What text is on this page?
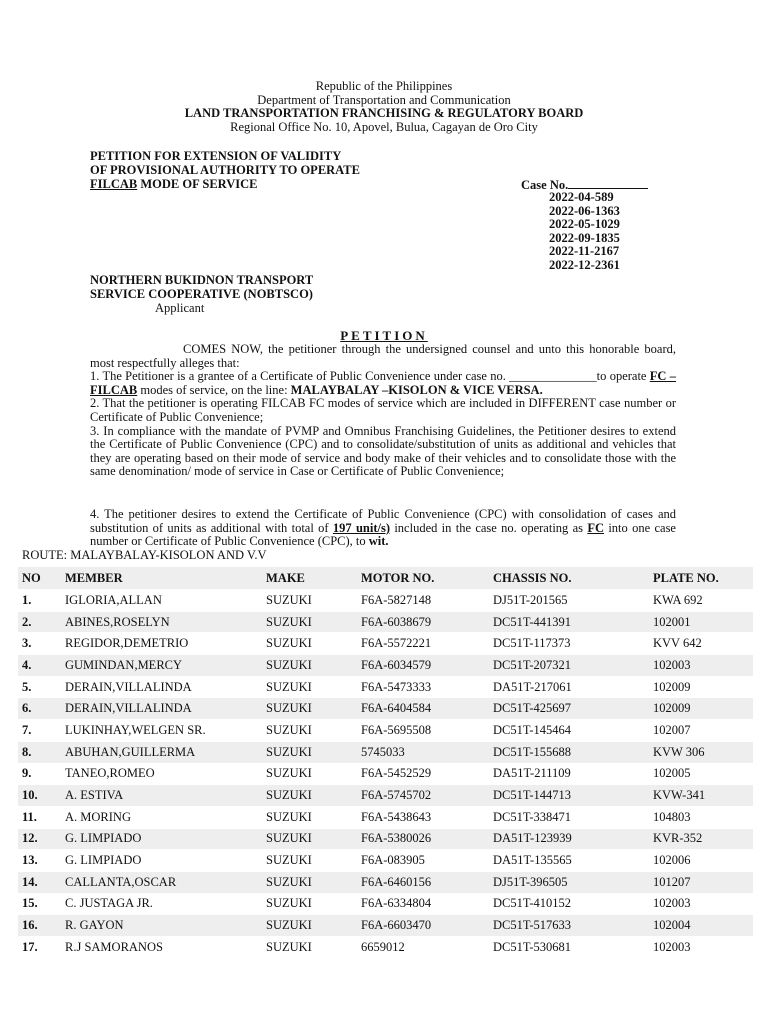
Republic of the Philippines
Department of Transportation and Communication
LAND TRANSPORTATION FRANCHISING & REGULATORY BOARD
Regional Office No. 10, Apovel, Bulua, Cagayan de Oro City
PETITION FOR EXTENSION OF VALIDITY
OF PROVISIONAL AUTHORITY TO OPERATE
FILCAB MODE OF SERVICE	Case No.
2022-04-589
2022-06-1363
2022-05-1029
2022-09-1835
2022-11-2167
2022-12-2361
NORTHERN BUKIDNON TRANSPORT
SERVICE COOPERATIVE (NOBTSCO)
Applicant
PETITION

COMES NOW, the petitioner through the undersigned counsel and unto this honorable board, most respectfully alleges that:

1. The Petitioner is a grantee of a Certificate of Public Convenience under case no. ______________to operate FC – FILCAB modes of service, on the line: MALAYBALAY –KISOLON & VICE VERSA.

2. That the petitioner is operating FILCAB FC modes of service which are included in DIFFERENT case number or Certificate of Public Convenience;

3. In compliance with the mandate of PVMP and Omnibus Franchising Guidelines, the Petitioner desires to extend the Certificate of Public Convenience (CPC) and to consolidate/substitution of units as additional and vehicles that they are operating based on their mode of service and body make of their vehicles and to consolidate those with the same denomination/ mode of service in Case or Certificate of Public Convenience;

4. The petitioner desires to extend the Certificate of Public Convenience (CPC) with consolidation of cases and substitution of units as additional with total of 197 unit/s) included in the case no. operating as FC into one case number or Certificate of Public Convenience (CPC), to wit.

ROUTE: MALAYBALAY-KISOLON AND V.V
NO	MEMBER	MAKE	MOTOR NO.	CHASSIS NO.	PLATE NO.
1.	IGLORIA,ALLAN	SUZUKI	F6A-5827148	DJ51T-201565	KWA 692
2.	ABINES,ROSELYN	SUZUKI	F6A-6038679	DC51T-441391	102001
3.	REGIDOR,DEMETRIO	SUZUKI	F6A-5572221	DC51T-117373	KVV 642
4.	GUMINDAN,MERCY	SUZUKI	F6A-6034579	DC51T-207321	102003
5.	DERAIN,VILLALINDA	SUZUKI	F6A-5473333	DA51T-217061	102009
6.	DERAIN,VILLALINDA	SUZUKI	F6A-6404584	DC51T-425697	102009
7.	LUKINHAY,WELGEN SR.	SUZUKI	F6A-5695508	DC51T-145464	102007
8.	ABUHAN,GUILLERMA	SUZUKI	5745033	DC51T-155688	KVW 306
9.	TANEO,ROMEO	SUZUKI	F6A-5452529	DA51T-211109	102005
10.	A. ESTIVA	SUZUKI	F6A-5745702	DC51T-144713	KVW-341
11.	A. MORING	SUZUKI	F6A-5438643	DC51T-338471	104803
12.	G. LIMPIADO	SUZUKI	F6A-5380026	DA51T-123939	KVR-352
13.	G. LIMPIADO	SUZUKI	F6A-083905	DA51T-135565	102006
14.	CALLANTA,OSCAR	SUZUKI	F6A-6460156	DJ51T-396505	101207
15.	C. JUSTAGA JR.	SUZUKI	F6A-6334804	DC51T-410152	102003
16.	R. GAYON	SUZUKI	F6A-6603470	DC51T-517633	102004
17.	R.J SAMORANOS	SUZUKI	6659012	DC51T-530681	102003
